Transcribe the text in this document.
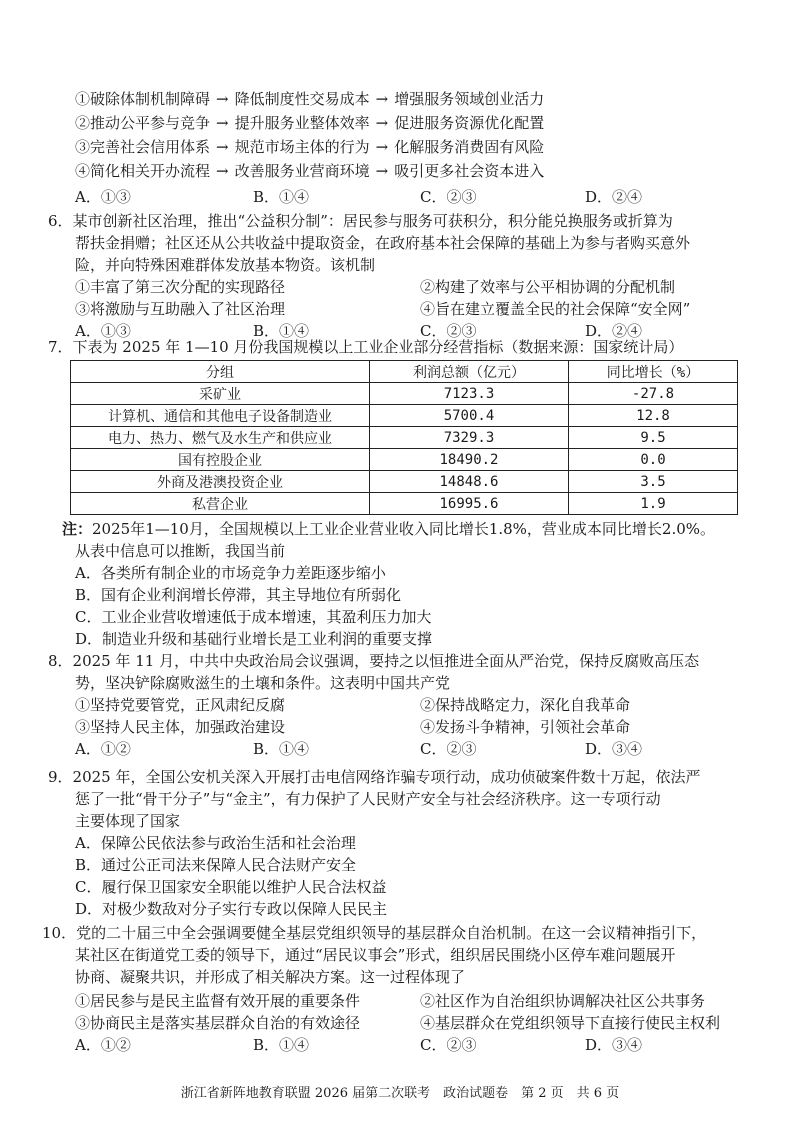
①破除体制机制障碍 → 降低制度性交易成本 → 增强服务领域创业活力
②推动公平参与竞争 → 提升服务业整体效率 → 促进服务资源优化配置
③完善社会信用体系 → 规范市场主体的行为 → 化解服务消费固有风险
④简化相关开办流程 → 改善服务业营商环境 → 吸引更多社会资本进入
A．①③	B．①④	C．②③	D．②④
6．某市创新社区治理，推出“公益积分制”：居民参与服务可获积分，积分能兑换服务或折算为
帮扶金捐赠；社区还从公共收益中提取资金，在政府基本社会保障的基础上为参与者购买意外
险，并向特殊困难群体发放基本物资。该机制
①丰富了第三次分配的实现路径	②构建了效率与公平相协调的分配机制
③将激励与互助融入了社区治理	④旨在建立覆盖全民的社会保障“安全网”
A．①③	B．①④	C．②③	D．②④
7．下表为 2025 年 1—10 月份我国规模以上工业企业部分经营指标（数据来源：国家统计局）
分组	利润总额（亿元）	同比增长（%）
采矿业	7123.3	-27.8
计算机、通信和其他电子设备制造业	5700.4	12.8
电力、热力、燃气及水生产和供应业	7329.3	9.5
国有控股企业	18490.2	0.0
外商及港澳投资企业	14848.6	3.5
私营企业	16995.6	1.9
注：2025年1—10月，全国规模以上工业企业营业收入同比增长1.8%，营业成本同比增长2.0%。
从表中信息可以推断，我国当前
A．各类所有制企业的市场竞争力差距逐步缩小
B．国有企业利润增长停滞，其主导地位有所弱化
C．工业企业营收增速低于成本增速，其盈利压力加大
D．制造业升级和基础行业增长是工业利润的重要支撑
8．2025 年 11 月，中共中央政治局会议强调，要持之以恒推进全面从严治党，保持反腐败高压态
势，坚决铲除腐败滋生的土壤和条件。这表明中国共产党
①坚持党要管党，正风肃纪反腐	②保持战略定力，深化自我革命
③坚持人民主体，加强政治建设	④发扬斗争精神，引领社会革命
A．①②	B．①④	C．②③	D．③④
9．2025 年，全国公安机关深入开展打击电信网络诈骗专项行动，成功侦破案件数十万起，依法严
惩了一批“骨干分子”与“金主”，有力保护了人民财产安全与社会经济秩序。这一专项行动
主要体现了国家
A．保障公民依法参与政治生活和社会治理
B．通过公正司法来保障人民合法财产安全
C．履行保卫国家安全职能以维护人民合法权益
D．对极少数敌对分子实行专政以保障人民民主
10．党的二十届三中全会强调要健全基层党组织领导的基层群众自治机制。在这一会议精神指引下，
某社区在街道党工委的领导下，通过“居民议事会”形式，组织居民围绕小区停车难问题展开
协商、凝聚共识，并形成了相关解决方案。这一过程体现了
①居民参与是民主监督有效开展的重要条件	②社区作为自治组织协调解决社区公共事务
③协商民主是落实基层群众自治的有效途径	④基层群众在党组织领导下直接行使民主权利
A．①②	B．①④	C．②③	D．③④
浙江省新阵地教育联盟 2026 届第二次联考　政治试题卷　第 2 页　共 6 页
